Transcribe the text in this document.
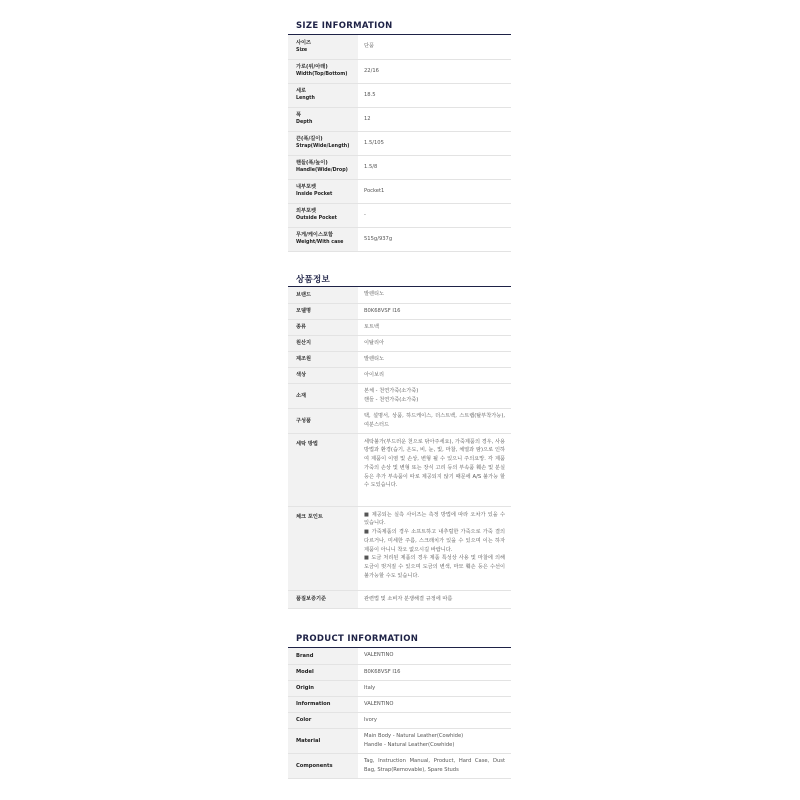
SIZE INFORMATION
사이즈
Size	단품

가로(위/아래)
Width(Top/Bottom)	22/16

세로
Length	18.5

폭
Depth	12

끈(폭/길이)
Strap(Wide/Length)	1.5/105

핸들(폭/높이)
Handle(Wide/Drop)	1.5/8

내부포켓
Inside Pocket	Pocket1

외부포켓
Outside Pocket	-

무게/케이스포함
Weight/With case	515g/937g
상품정보
브랜드	발렌티노
모델명	B0K68VSF I16
종류	토트백
원산지	이탈리아
제조원	발렌티노
색상	아이보리
소재	본체 - 천연가죽(소가죽)
핸들 - 천연가죽(소가죽)
구성품	택, 설명서, 상품, 하드케이스, 더스트백, 스트랩(탈부착가능), 여분스터드
세탁 방법	세탁불가(부드러운 천으로 닦아주세요), 가죽제품의 경우, 사용방법과 환경(습기, 온도, 비, 눈, 빛, 마찰, 체열과 땀)으로 인하여 제품이 이염 및 손상, 변형 될 수 있으니 주의요망. 각 제품 가죽의 손상 및 변형 또는 장식 고리 등의 부속품 훼손 및 분실 등은 추가 부속품이 따로 제공되지 않기 때문에 A/S 불가능 할 수 도있습니다.
체크 포인트	■ 제공되는 실측 사이즈는 측정 방법에 따라 오차가 있을 수 있습니다.
■ 가죽제품의 경우 소프트하고 내추럴한 가죽으로 가죽 결의 다르거나, 미세한 주름, 스크래치가 있을 수 있으며 이는 하자 제품이 아니니 착오 없으시길 바랍니다.
■ 도금 처리된 제품의 경우 제품 특성상 사용 및 마찰에 의해 도금이 벗겨질 수 있으며 도금의 변색, 마모 훼손 등은 수선이 불가능할 수도 있습니다.
품질보증기준	관련법 및 소비자 분쟁해결 규정에 따름
PRODUCT INFORMATION
Brand	VALENTINO
Model	B0K68VSF I16
Origin	Italy
Information	VALENTINO
Color	Ivory
Material	Main Body - Natural Leather(Cowhide)
Handle - Natural Leather(Cowhide)
Components	Tag, Instruction Manual, Product, Hard Case, Dust Bag, Strap(Removable), Spare Studs
